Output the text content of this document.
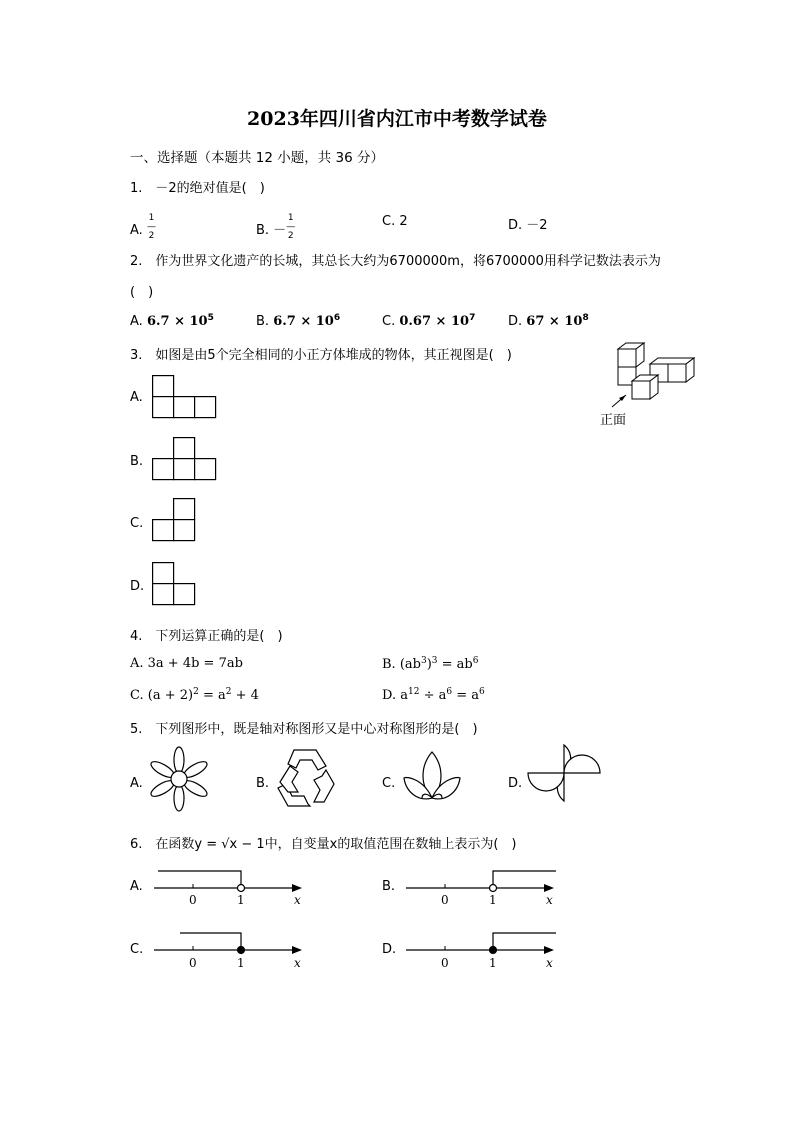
2023年四川省内江市中考数学试卷
一、选择题（本题共 12 小题，共 36 分）
1.　－2的绝对值是(　)
A. 1
—
2	B. －1
—
2
C. 2	D. －2
2.　作为世界文化遗产的长城，其总长大约为6700000m，将6700000用科学记数法表示为
(　)
A. $6.7 \times 10^5$	B. $6.7 \times 10^6$	C. $0.67 \times 10^7$	D. $67 \times 10^8$
3.　如图是由5个完全相同的小正方体堆成的物体，其正视图是(　)
正面
A.
B.
C.
D.
4.　下列运算正确的是(　)
A. 3a + 4b = 7ab	B. $(ab^3)^3 = ab^6$
C. $(a + 2)^2 = a^2 + 4$	D. $a^{12} \div a^6 = a^6$
5.　下列图形中，既是轴对称图形又是中心对称图形的是(　)
A.	B.	C.	D.
6.　在函数y = √x − 1中，自变量x的取值范围在数轴上表示为(　)
A.
0	1	x
B.
0	1	x
C.
0	1	x
D.
0	1	x
